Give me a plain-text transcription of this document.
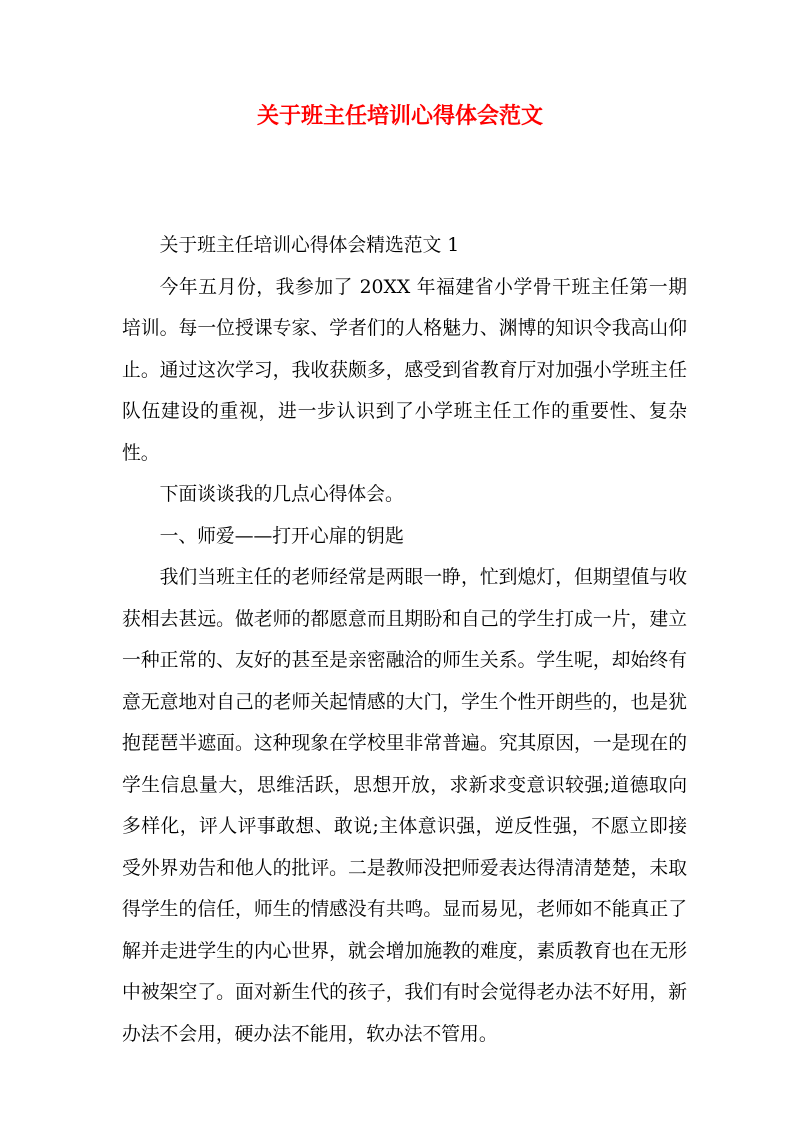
关于班主任培训心得体会范文

关于班主任培训心得体会精选范文 1

今年五月份，我参加了 20XX 年福建省小学骨干班主任第一期培训。每一位授课专家、学者们的人格魅力、渊博的知识令我高山仰止。通过这次学习，我收获颇多，感受到省教育厅对加强小学班主任队伍建设的重视，进一步认识到了小学班主任工作的重要性、复杂性。

下面谈谈我的几点心得体会。

一、师爱——打开心扉的钥匙

我们当班主任的老师经常是两眼一睁，忙到熄灯，但期望值与收获相去甚远。做老师的都愿意而且期盼和自己的学生打成一片，建立一种正常的、友好的甚至是亲密融洽的师生关系。学生呢，却始终有意无意地对自己的老师关起情感的大门，学生个性开朗些的，也是犹抱琵琶半遮面。这种现象在学校里非常普遍。究其原因，一是现在的学生信息量大，思维活跃，思想开放，求新求变意识较强;道德取向多样化，评人评事敢想、敢说;主体意识强，逆反性强，不愿立即接受外界劝告和他人的批评。二是教师没把师爱表达得清清楚楚，未取得学生的信任，师生的情感没有共鸣。显而易见，老师如不能真正了解并走进学生的内心世界，就会增加施教的难度，素质教育也在无形中被架空了。面对新生代的孩子，我们有时会觉得老办法不好用，新办法不会用，硬办法不能用，软办法不管用。
